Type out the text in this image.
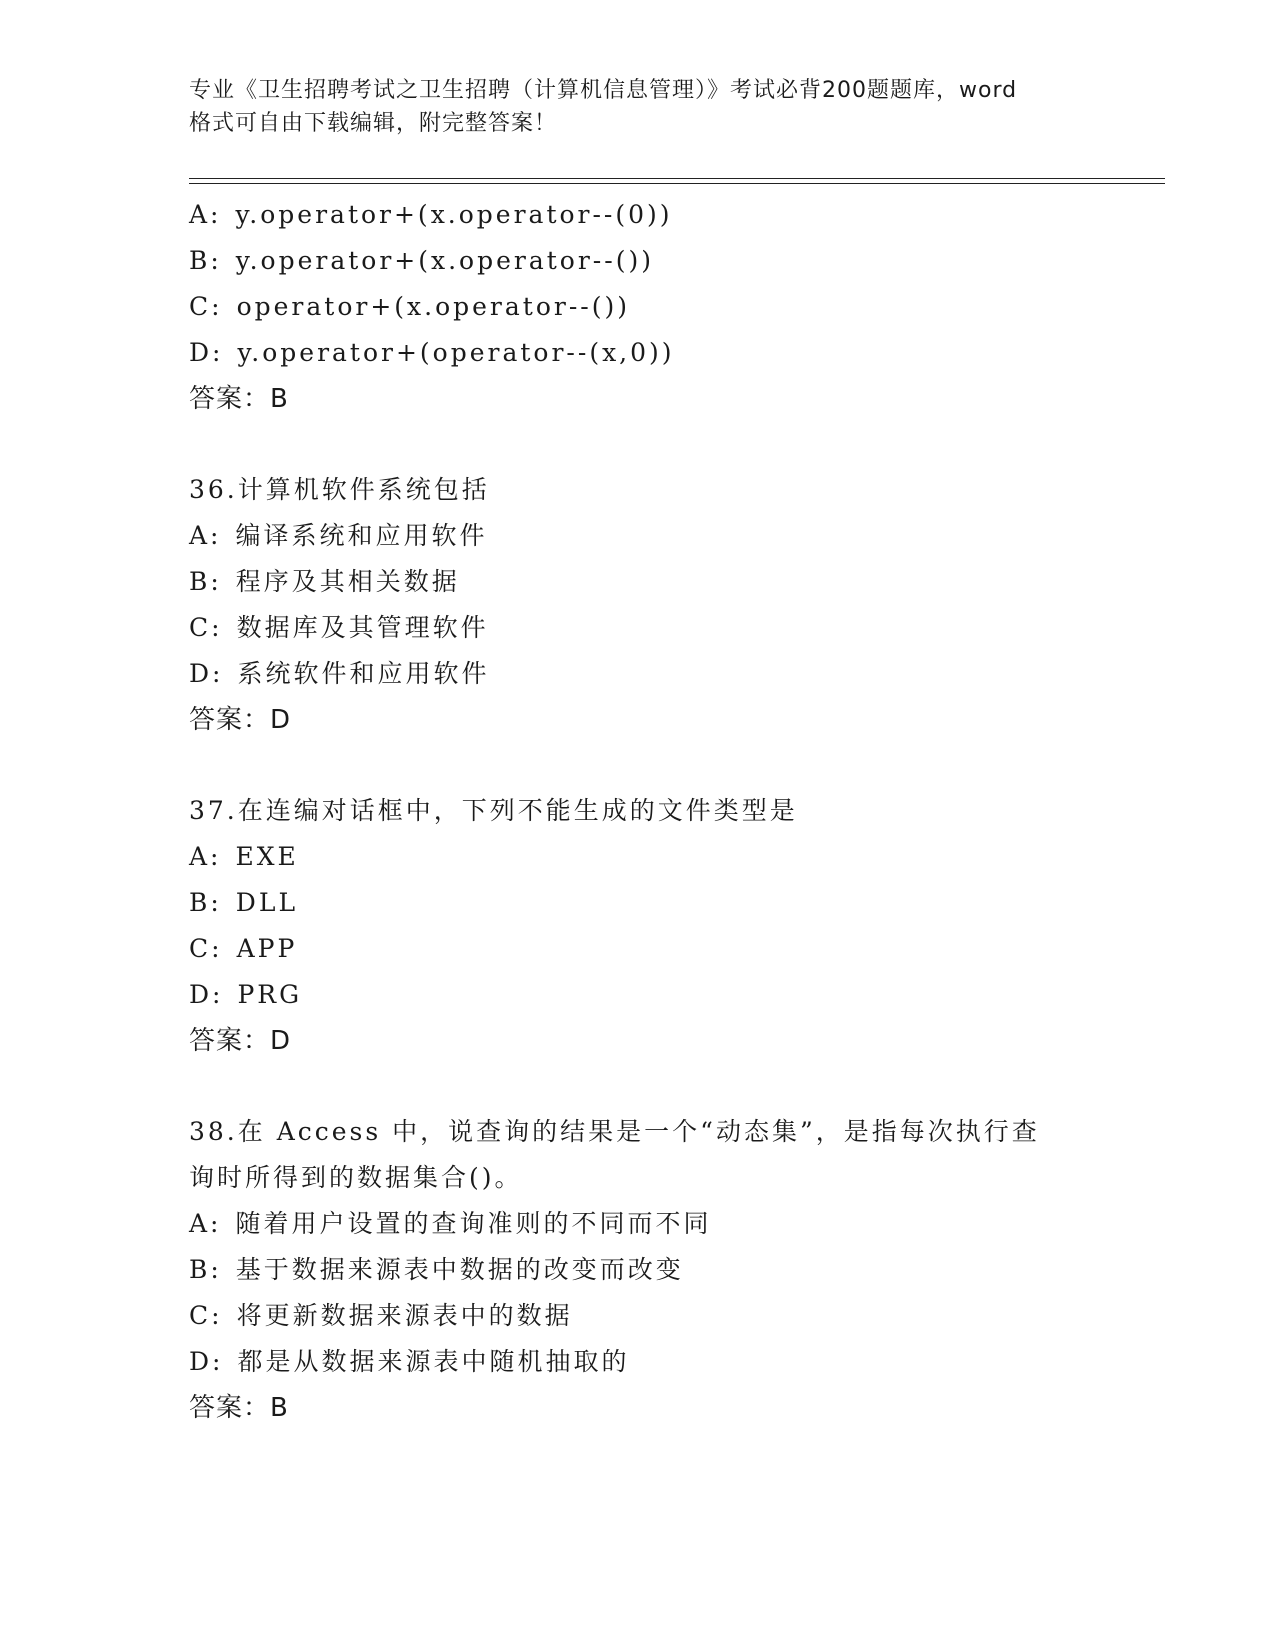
专业《卫生招聘考试之卫生招聘（计算机信息管理）》考试必背200题题库，word
格式可自由下载编辑，附完整答案！
A: y.operator+(x.operator--(0))
B: y.operator+(x.operator--())
C: operator+(x.operator--())
D: y.operator+(operator--(x,0))
答案：B
36.计算机软件系统包括
A: 编译系统和应用软件
B: 程序及其相关数据
C: 数据库及其管理软件
D: 系统软件和应用软件
答案：D
37.在连编对话框中，下列不能生成的文件类型是
A: EXE
B: DLL
C: APP
D: PRG
答案：D
38.在 Access 中，说查询的结果是一个“动态集”，是指每次执行查
询时所得到的数据集合()。
A: 随着用户设置的查询准则的不同而不同
B: 基于数据来源表中数据的改变而改变
C: 将更新数据来源表中的数据
D: 都是从数据来源表中随机抽取的
答案：B
